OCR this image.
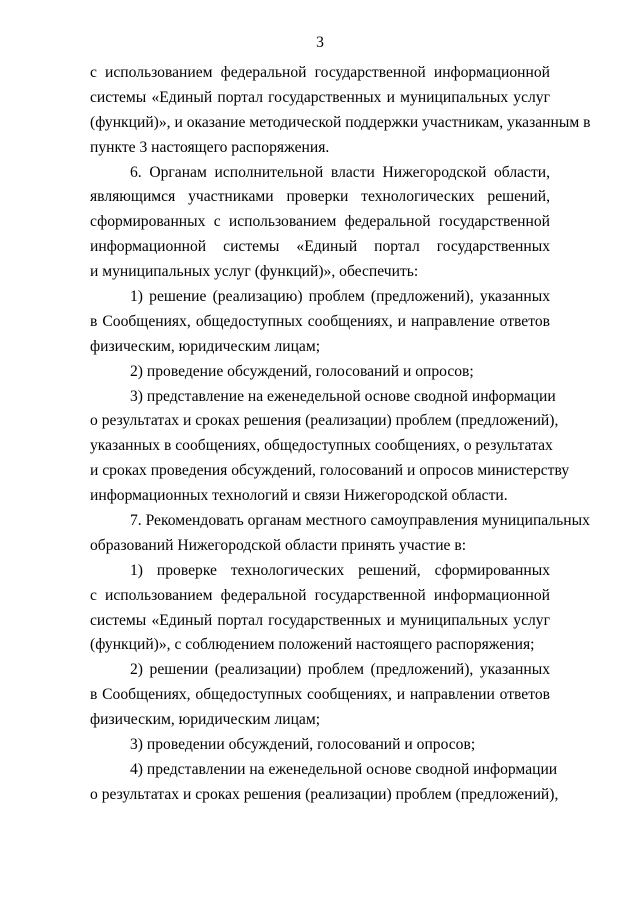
3
с использованием федеральной государственной информационной
системы «Единый портал государственных и муниципальных услуг
(функций)», и оказание методической поддержки участникам, указанным в
пункте 3 настоящего распоряжения.
6. Органам исполнительной власти Нижегородской области,
являющимся участниками проверки технологических решений,
сформированных с использованием федеральной государственной
информационной системы «Единый портал государственных
и муниципальных услуг (функций)», обеспечить:
1) решение (реализацию) проблем (предложений), указанных
в Сообщениях, общедоступных сообщениях, и направление ответов
физическим, юридическим лицам;
2) проведение обсуждений, голосований и опросов;
3) представление на еженедельной основе сводной информации
о результатах и сроках решения (реализации) проблем (предложений),
указанных в сообщениях, общедоступных сообщениях, о результатах
и сроках проведения обсуждений, голосований и опросов министерству
информационных технологий и связи Нижегородской области.
7. Рекомендовать органам местного самоуправления муниципальных
образований Нижегородской области принять участие в:
1) проверке технологических решений, сформированных
с использованием федеральной государственной информационной
системы «Единый портал государственных и муниципальных услуг
(функций)», с соблюдением положений настоящего распоряжения;
2) решении (реализации) проблем (предложений), указанных
в Сообщениях, общедоступных сообщениях, и направлении ответов
физическим, юридическим лицам;
3) проведении обсуждений, голосований и опросов;
4) представлении на еженедельной основе сводной информации
о результатах и сроках решения (реализации) проблем (предложений),
